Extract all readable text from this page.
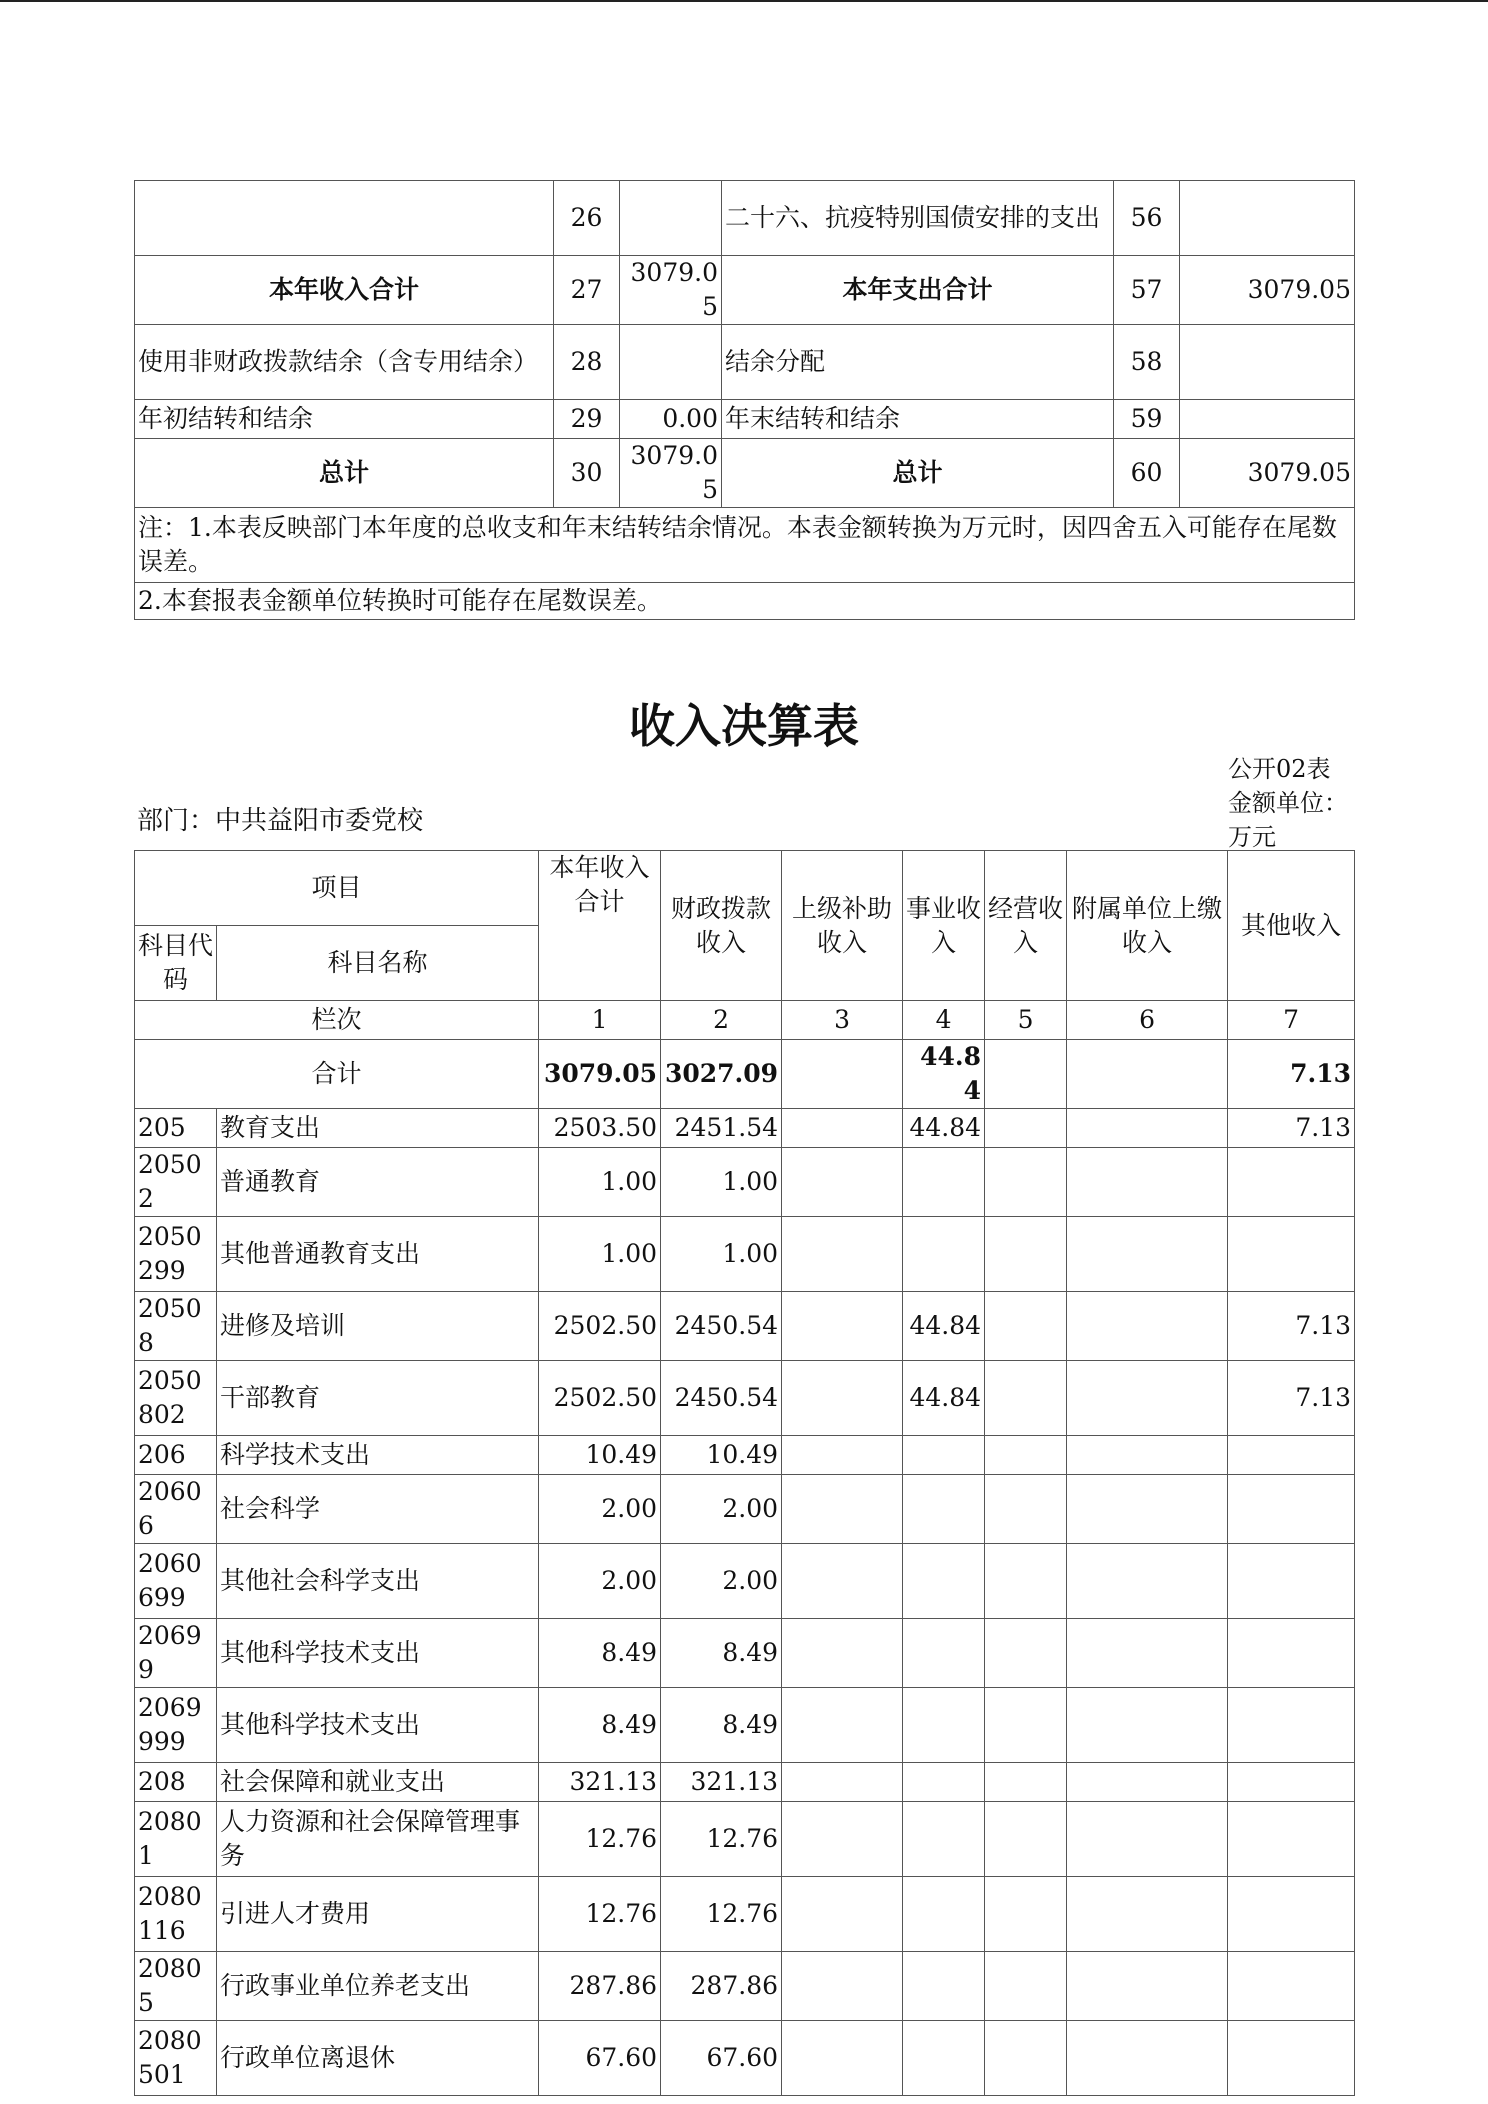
	26		二十六、抗疫特别国债安排的支出	56	
本年收入合计	27	3079.05	本年支出合计	57	3079.05
使用非财政拨款结余（含专用结余）	28		结余分配	58	
年初结转和结余	29	0.00	年末结转和结余	59	
总计	30	3079.05	总计	60	3079.05
注：1.本表反映部门本年度的总收支和年末结转结余情况。本表金额转换为万元时，因四舍五入可能存在尾数误差。					
2.本套报表金额单位转换时可能存在尾数误差。					
收入决算表
公开02表
金额单位：万元
部门：中共益阳市委党校
项目		本年收入合计	财政拨款收入	上级补助收入	事业收入	经营收入	附属单位上缴收入	其他收入
科目代码	科目名称							
栏次		1	2	3	4	5	6	7
合计		3079.05	3027.09		44.84			7.13
205	教育支出	2503.50	2451.54		44.84			7.13
20502	普通教育	1.00	1.00					
2050299	其他普通教育支出	1.00	1.00					
20508	进修及培训	2502.50	2450.54		44.84			7.13
2050802	干部教育	2502.50	2450.54		44.84			7.13
206	科学技术支出	10.49	10.49					
20606	社会科学	2.00	2.00					
2060699	其他社会科学支出	2.00	2.00					
20699	其他科学技术支出	8.49	8.49					
2069999	其他科学技术支出	8.49	8.49					
208	社会保障和就业支出	321.13	321.13					
20801	人力资源和社会保障管理事务	12.76	12.76					
2080116	引进人才费用	12.76	12.76					
20805	行政事业单位养老支出	287.86	287.86					
2080501	行政单位离退休	67.60	67.60					
